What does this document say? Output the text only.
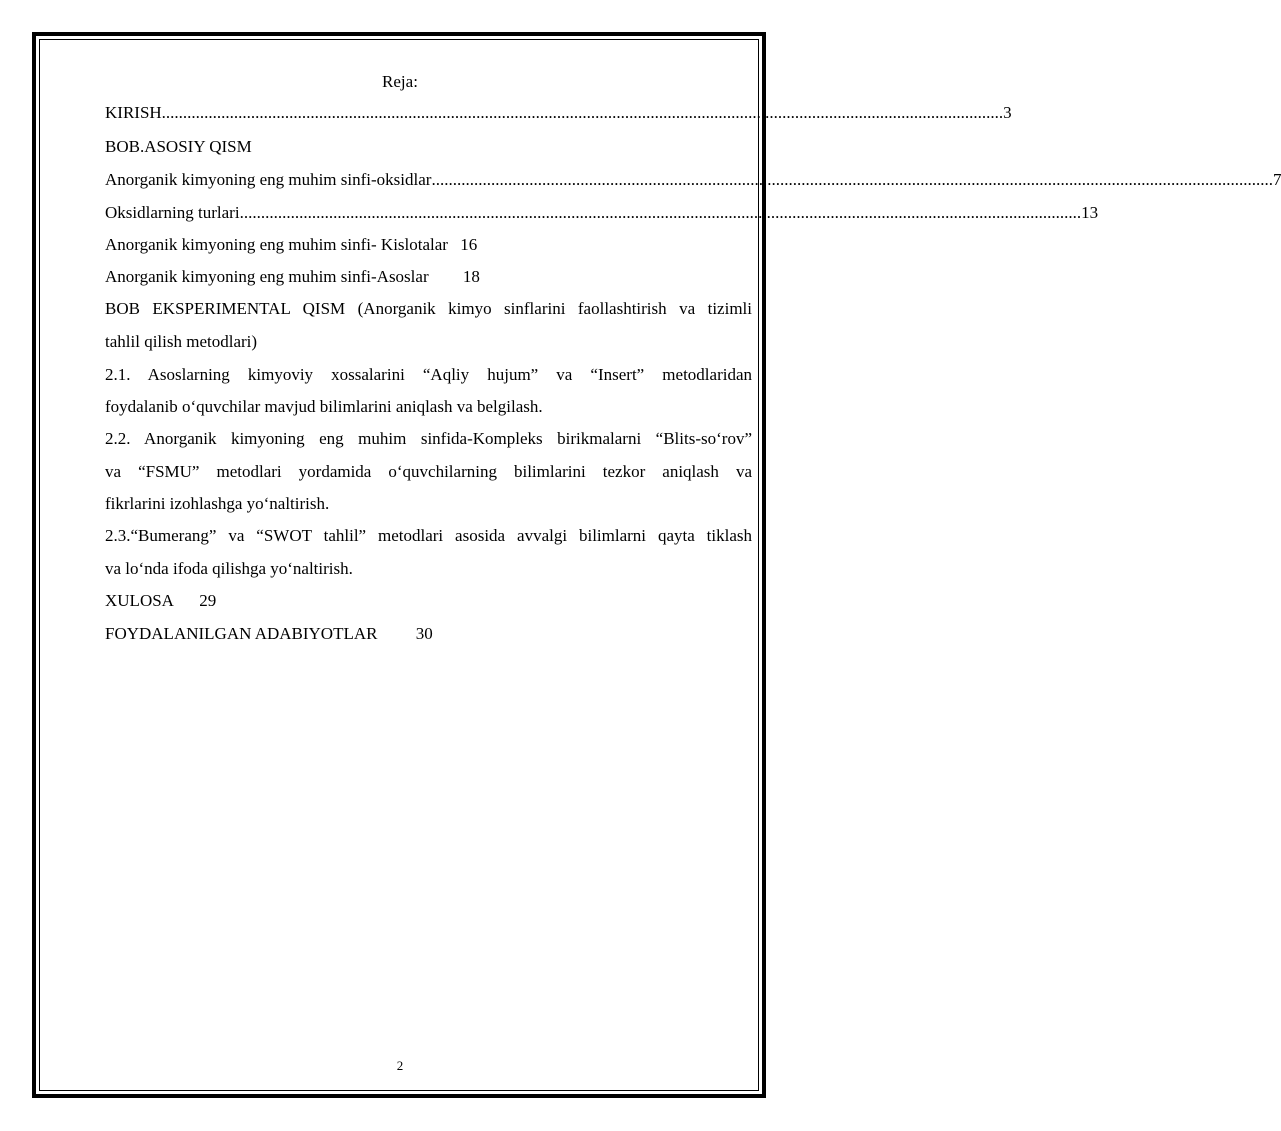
Reja:
KIRISH ...................................................................................................................................................................................................... 3
BOB.ASOSIY QISM
Anorganik kimyoning eng muhim sinfi-oksidlar ...................................................................................................................................................................................................... 7
Oksidlarning turlari ...................................................................................................................................................................................................... 13
Anorganik kimyoning eng muhim sinfi- Kislotalar 16
Anorganik kimyoning eng muhim sinfi-Asoslar 18
BOB EKSPERIMENTAL QISM (Anorganik kimyo sinflarini faollashtirish va tizimli
tahlil qilish metodlari)
2.1. Asoslarning kimyoviy xossalarini “Aqliy hujum” va “Insert” metodlaridan
foydalanib o‘quvchilar mavjud bilimlarini aniqlash va belgilash.
2.2. Anorganik kimyoning eng muhim sinfida-Kompleks birikmalarni “Blits-so‘rov”
va “FSMU” metodlari yordamida o‘quvchilarning bilimlarini tezkor aniqlash va
fikrlarini izohlashga yo‘naltirish.
2.3.“Bumerang” va “SWOT tahlil” metodlari asosida avvalgi bilimlarni qayta tiklash
va lo‘nda ifoda qilishga yo‘naltirish.
XULOSA 29
FOYDALANILGAN ADABIYOTLAR 30
2
